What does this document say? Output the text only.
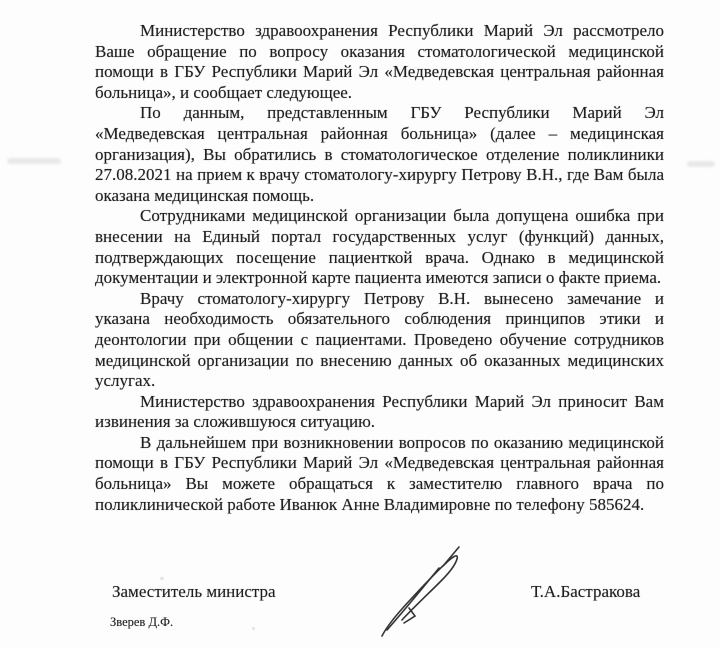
Министерство здравоохранения Республики Марий Эл рассмотрело Ваше обращение по вопросу оказания стоматологической медицинской помощи в ГБУ Республики Марий Эл «Медведевская центральная районная больница», и сообщает следующее.

По данным, представленным ГБУ Республики Марий Эл «Медведевская центральная районная больница» (далее – медицинская организация), Вы обратились в стоматологическое отделение поликлиники 27.08.2021 на прием к врачу стоматологу-хирургу Петрову В.Н., где Вам была оказана медицинская помощь.

Сотрудниками медицинской организации была допущена ошибка при внесении на Единый портал государственных услуг (функций) данных, подтверждающих посещение пациенткой врача. Однако в медицинской документации и электронной карте пациента имеются записи о факте приема.

Врачу стоматологу-хирургу Петрову В.Н. вынесено замечание и указана необходимость обязательного соблюдения принципов этики и деонтологии при общении с пациентами. Проведено обучение сотрудников медицинской организации по внесению данных об оказанных медицинских услугах.

Министерство здравоохранения Республики Марий Эл приносит Вам извинения за сложившуюся ситуацию.

В дальнейшем при возникновении вопросов по оказанию медицинской помощи в ГБУ Республики Марий Эл «Медведевская центральная районная больница» Вы можете обращаться к заместителю главного врача по поликлинической работе Иванюк Анне Владимировне по телефону 585624.

Заместитель министра	Т.А.Бастракова
Зверев Д.Ф.
